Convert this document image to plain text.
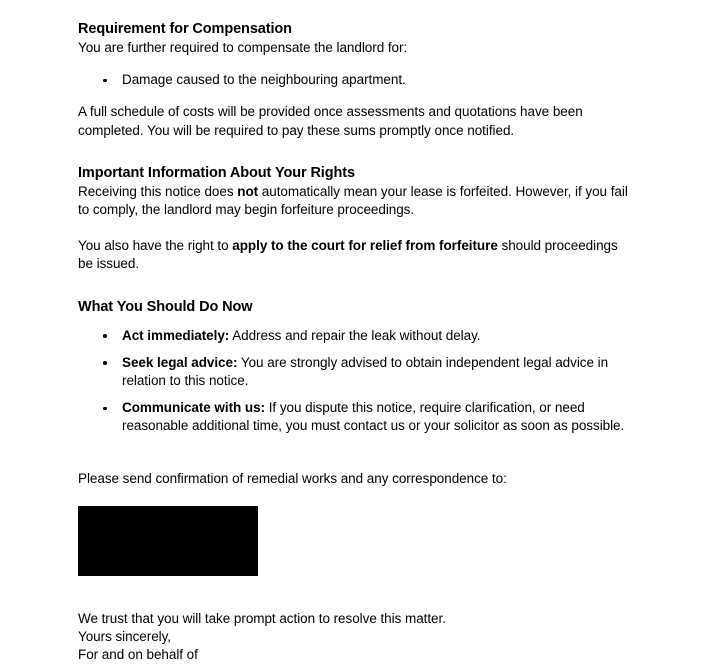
Requirement for Compensation

You are further required to compensate the landlord for:

Damage caused to the neighbouring apartment.

A full schedule of costs will be provided once assessments and quotations have been completed. You will be required to pay these sums promptly once notified.

Important Information About Your Rights

Receiving this notice does not automatically mean your lease is forfeited. However, if you fail to comply, the landlord may begin forfeiture proceedings.

You also have the right to apply to the court for relief from forfeiture should proceedings be issued.

What You Should Do Now
Act immediately: Address and repair the leak without delay.
Seek legal advice: You are strongly advised to obtain independent legal advice in relation to this notice.
Communicate with us: If you dispute this notice, require clarification, or need reasonable additional time, you must contact us or your solicitor as soon as possible.

Please send confirmation of remedial works and any correspondence to:

We trust that you will take prompt action to resolve this matter.

Yours sincerely,

For and on behalf of
